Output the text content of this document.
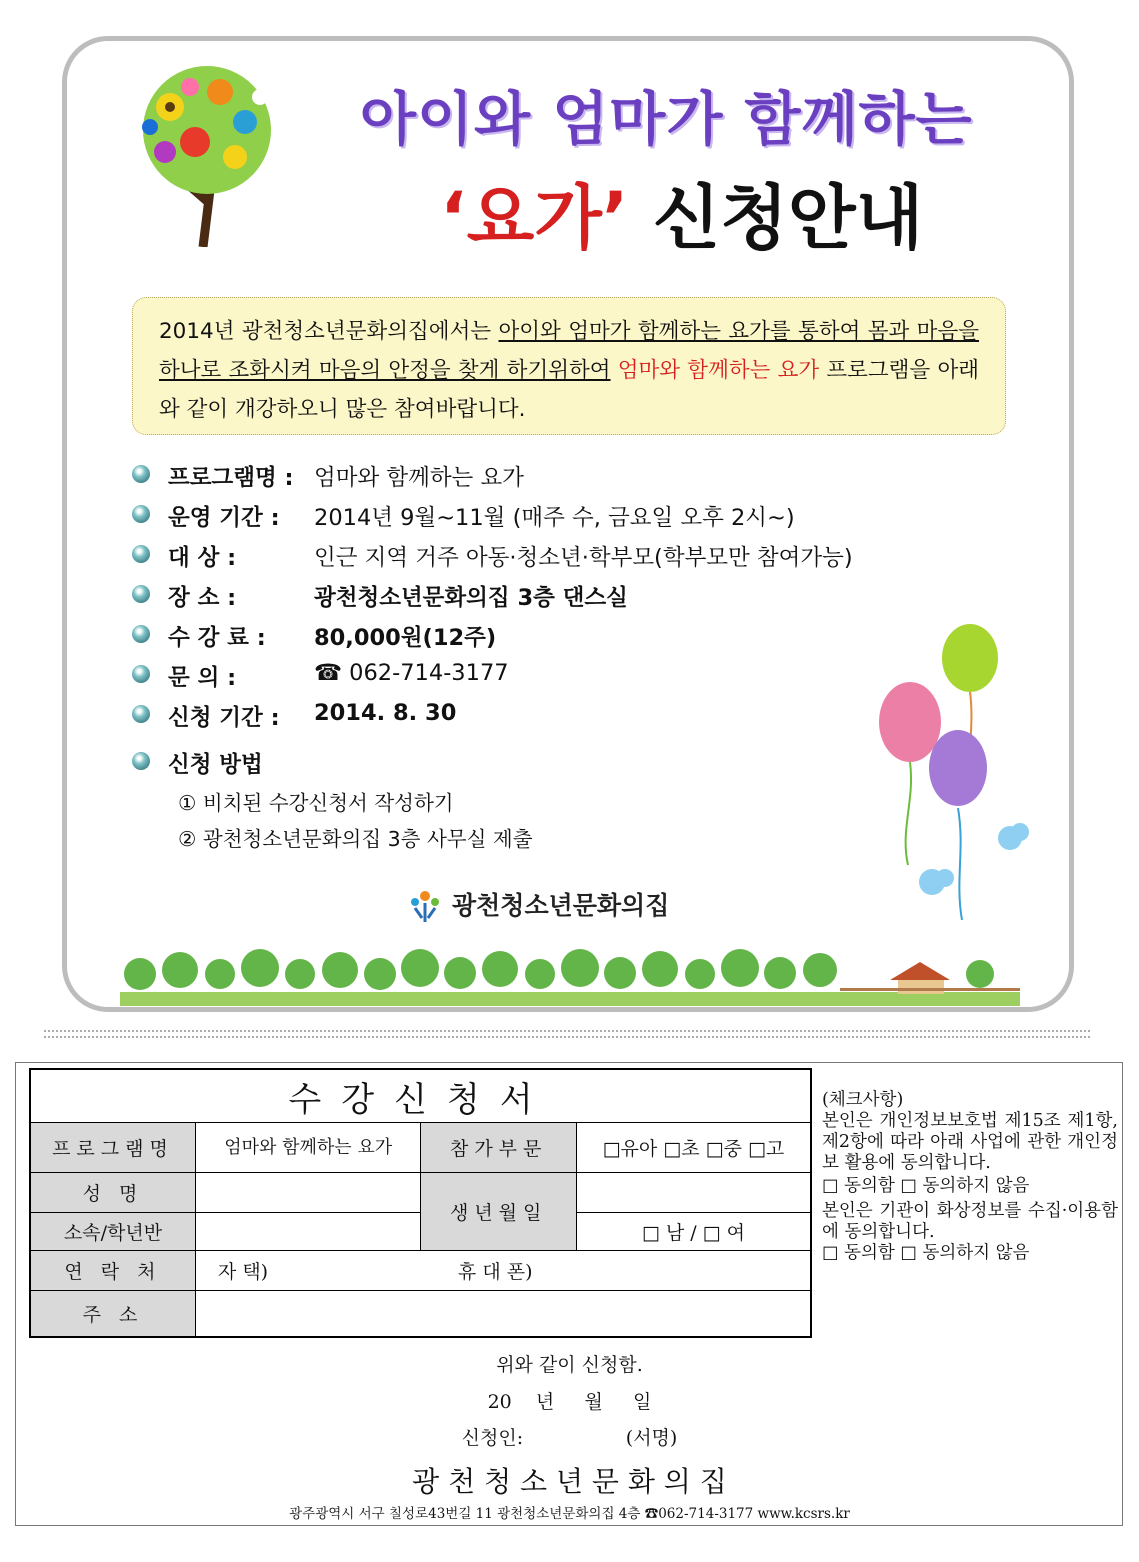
아이와 엄마가 함께하는
‘요가’ 신청안내
2014년 광천청소년문화의집에서는 아이와 엄마가 함께하는 요가를 통하여 몸과 마음을 하나로 조화시켜 마음의 안정을 찾게 하기위하여 엄마와 함께하는 요가 프로그램을 아래와 같이 개강하오니 많은 참여바랍니다.
프로그램명 : 엄마와 함께하는 요가
운영 기간 : 2014년 9월~11월 (매주 수, 금요일 오후 2시~)
대 상 :	인근 지역 거주 아동·청소년·학부모(학부모만 참여가능)
장 소 :	광천청소년문화의집 3층 댄스실
수 강 료 : 80,000원(12주)
문 의 :	☎ 062-714-3177
신청 기간 : 2014. 8. 30
신청 방법
① 비치된 수강신청서 작성하기
② 광천청소년문화의집 3층 사무실 제출
광천청소년문화의집
수강신청서			
프로그램명	엄마와 함께하는 요가	참가부문	□유아 □초 □중 □고
성 명		생년월일	
소속/학년반			□ 남 / □ 여
연 락 처	자 택) 휴 대 폰)		
주 소			

(체크사항)

본인은 개인정보보호법 제15조 제1항, 제2항에 따라 아래 사업에 관한 개인정보 활용에 동의합니다.

□ 동의함 □ 동의하지 않음

본인은 기관이 화상정보를 수집·이용함에 동의합니다.

□ 동의함 □ 동의하지 않음

위와 같이 신청함.
20    년     월     일
신청인:                 (서명)
광 천 청 소 년 문 화 의 집
광주광역시 서구 칠성로43번길 11 광천청소년문화의집 4층 ☎062-714-3177 www.kcsrs.kr
